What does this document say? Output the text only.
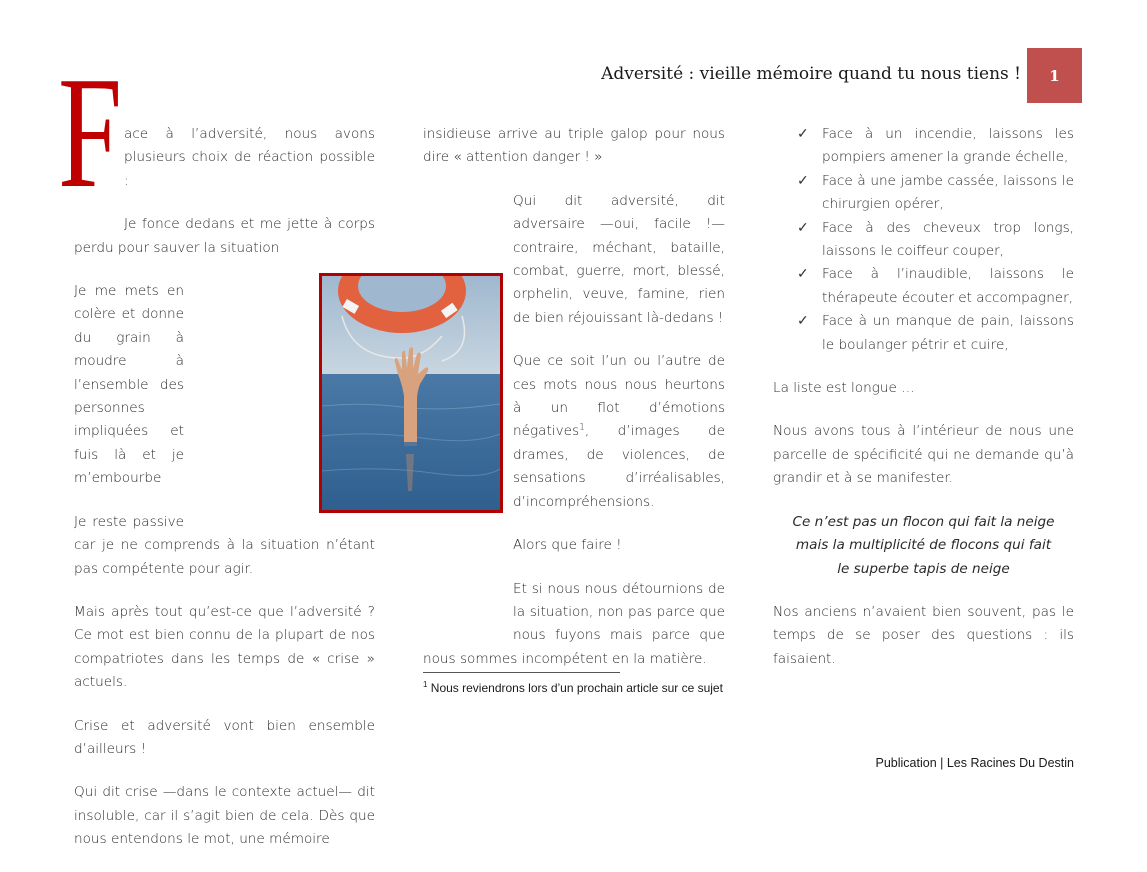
Adversité : vieille mémoire quand tu nous tiens ! 1
F ace à l’adversité, nous avons plusieurs choix de réaction possible :

Je fonce dedans et me jette à corps perdu pour sauver la situation

Je me mets en colère et donne du grain à moudre à l’ensemble des personnes impliquées et fuis là et je m’embourbe

Je reste passive car je ne comprends à la situation n’étant pas compétente pour agir.

Mais après tout qu’est-ce que l’adversité ? Ce mot est bien connu de la plupart de nos compatriotes dans les temps de « crise » actuels.

Crise et adversité vont bien ensemble d’ailleurs !

Qui dit crise —dans le contexte actuel— dit insoluble, car il s’agit bien de cela. Dès que nous entendons le mot, une mémoire

insidieuse arrive au triple galop pour nous dire « attention danger ! »

Qui dit adversité, dit adversaire —oui, facile !— contraire, méchant, bataille, combat, guerre, mort, blessé, orphelin, veuve, famine, rien de bien réjouissant là-dedans !

Que ce soit l’un ou l’autre de ces mots nous nous heurtons à un flot d’émotions négatives$^1$, d’images de drames, de violences, de sensations d’irréalisables, d’incompréhensions.

Alors que faire !

Et si nous nous détournions de la situation, non pas parce que nous fuyons mais parce que nous sommes incompétent en la matière.

$^1$ Nous reviendrons lors d’un prochain article sur ce sujet
✓ Face à un incendie, laissons les pompiers amener la grande échelle,
✓ Face à une jambe cassée, laissons le chirurgien opérer,
✓ Face à des cheveux trop longs, laissons le coiffeur couper,
✓ Face à l’inaudible, laissons le thérapeute écouter et accompagner,
✓ Face à un manque de pain, laissons le boulanger pétrir et cuire,

La liste est longue …

Nous avons tous à l’intérieur de nous une parcelle de spécificité qui ne demande qu’à grandir et à se manifester.

Ce n’est pas un flocon qui fait la neige
mais la multiplicité de flocons qui fait
le superbe tapis de neige

Nos anciens n’avaient bien souvent, pas le temps de se poser des questions : ils faisaient.

Publication | Les Racines Du Destin
